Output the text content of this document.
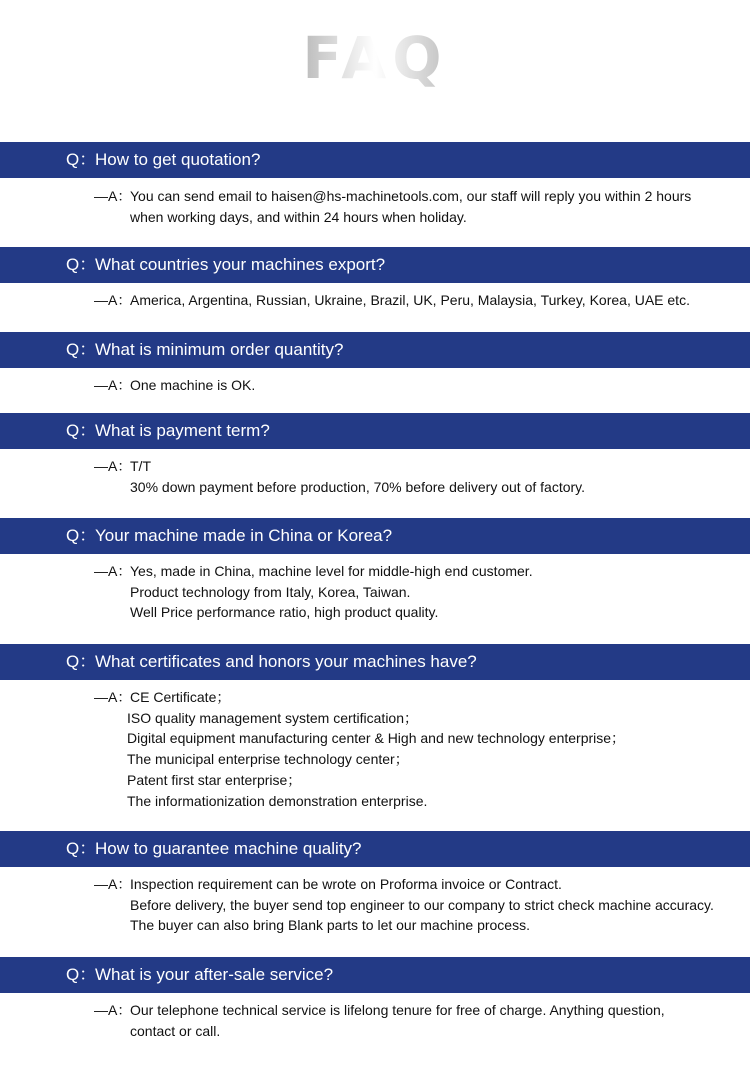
FAQ
Q：
How to get quotation?
—A：
You can send email to haisen@hs-machinetools.com, our staff will reply you within 2 hours
when working days, and within 24 hours when holiday.
Q：
What countries your machines export?
—A：
America, Argentina, Russian, Ukraine, Brazil, UK, Peru, Malaysia, Turkey, Korea, UAE etc.
Q：
What is minimum order quantity?
—A：
One machine is OK.
Q：
What is payment term?
—A：
T/T
30% down payment before production, 70% before delivery out of factory.
Q：
Your machine made in China or Korea?
—A：
Yes, made in China, machine level for middle-high end customer.
Product technology from Italy, Korea, Taiwan.
Well Price performance ratio, high product quality.
Q：
What certificates and honors your machines have?
—A：
CE Certificate；
ISO quality management system certification；
Digital equipment manufacturing center & High and new technology enterprise；
The municipal enterprise technology center；
Patent first star enterprise；
The informationization demonstration enterprise.
Q：
How to guarantee machine quality?
—A：
Inspection requirement can be wrote on Proforma invoice or Contract.
Before delivery, the buyer send top engineer to our company to strict check machine accuracy.
The buyer can also bring Blank parts to let our machine process.
Q：
What is your after-sale service?
—A：
Our telephone technical service is lifelong tenure for free of charge. Anything question,
contact or call.
